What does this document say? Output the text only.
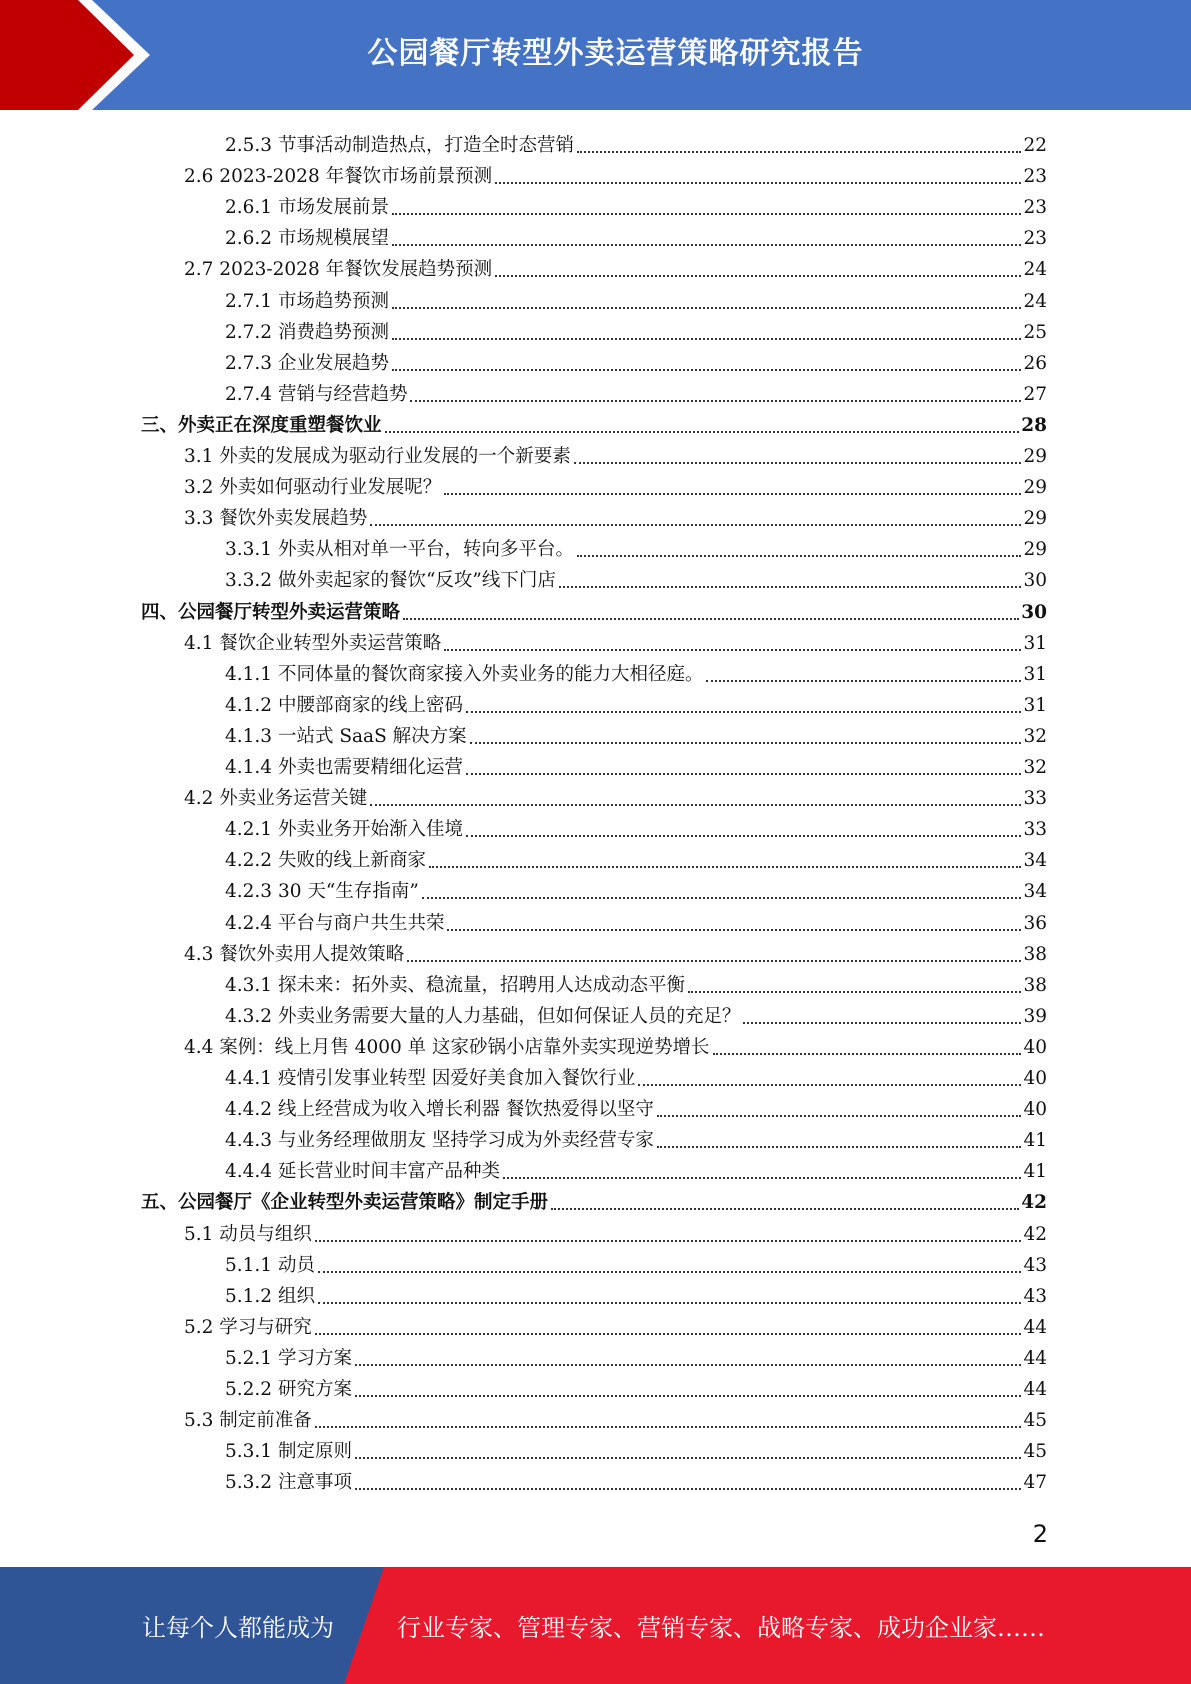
公园餐厅转型外卖运营策略研究报告
2.5.3 节事活动制造热点，打造全时态营销	22
2.6 2023-2028 年餐饮市场前景预测	23
2.6.1 市场发展前景	23
2.6.2 市场规模展望	23
2.7 2023-2028 年餐饮发展趋势预测	24
2.7.1 市场趋势预测	24
2.7.2 消费趋势预测	25
2.7.3 企业发展趋势	26
2.7.4 营销与经营趋势	27
三、外卖正在深度重塑餐饮业	28
3.1 外卖的发展成为驱动行业发展的一个新要素	29
3.2 外卖如何驱动行业发展呢？	29
3.3 餐饮外卖发展趋势	29
3.3.1 外卖从相对单一平台，转向多平台。	29
3.3.2 做外卖起家的餐饮“反攻”线下门店	30
四、公园餐厅转型外卖运营策略	30
4.1 餐饮企业转型外卖运营策略	31
4.1.1 不同体量的餐饮商家接入外卖业务的能力大相径庭。	31
4.1.2 中腰部商家的线上密码	31
4.1.3 一站式 SaaS 解决方案	32
4.1.4 外卖也需要精细化运营	32
4.2 外卖业务运营关键	33
4.2.1 外卖业务开始渐入佳境	33
4.2.2 失败的线上新商家	34
4.2.3 30 天“生存指南”	34
4.2.4 平台与商户共生共荣	36
4.3 餐饮外卖用人提效策略	38
4.3.1 探未来：拓外卖、稳流量，招聘用人达成动态平衡	38
4.3.2 外卖业务需要大量的人力基础，但如何保证人员的充足？	39
4.4 案例：线上月售 4000 单 这家砂锅小店靠外卖实现逆势增长	40
4.4.1 疫情引发事业转型 因爱好美食加入餐饮行业	40
4.4.2 线上经营成为收入增长利器 餐饮热爱得以坚守	40
4.4.3 与业务经理做朋友 坚持学习成为外卖经营专家	41
4.4.4 延长营业时间丰富产品种类	41
五、公园餐厅《企业转型外卖运营策略》制定手册	42
5.1 动员与组织	42
5.1.1 动员	43
5.1.2 组织	43
5.2 学习与研究	44
5.2.1 学习方案	44
5.2.2 研究方案	44
5.3 制定前准备	45
5.3.1 制定原则	45
5.3.2 注意事项	47
2
让每个人都能成为	行业专家、管理专家、营销专家、战略专家、成功企业家……
